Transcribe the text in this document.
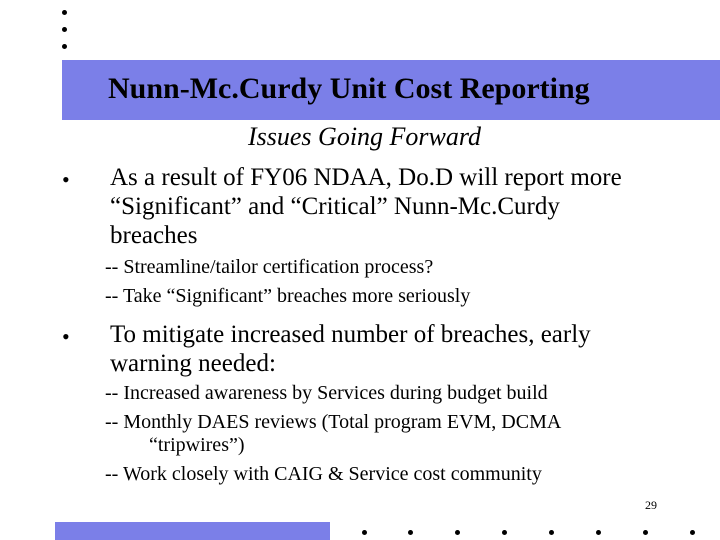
Nunn-Mc.Curdy Unit Cost Reporting
Issues Going Forward
• As a result of FY06 NDAA, Do.D will report more
“Significant” and “Critical” Nunn-Mc.Curdy
breaches
-- Streamline/tailor certification process?
-- Take “Significant” breaches more seriously
• To mitigate increased number of breaches, early
warning needed:
-- Increased awareness by Services during budget build
-- Monthly DAES reviews (Total program EVM, DCMA
“tripwires”)
-- Work closely with CAIG & Service cost community
29
